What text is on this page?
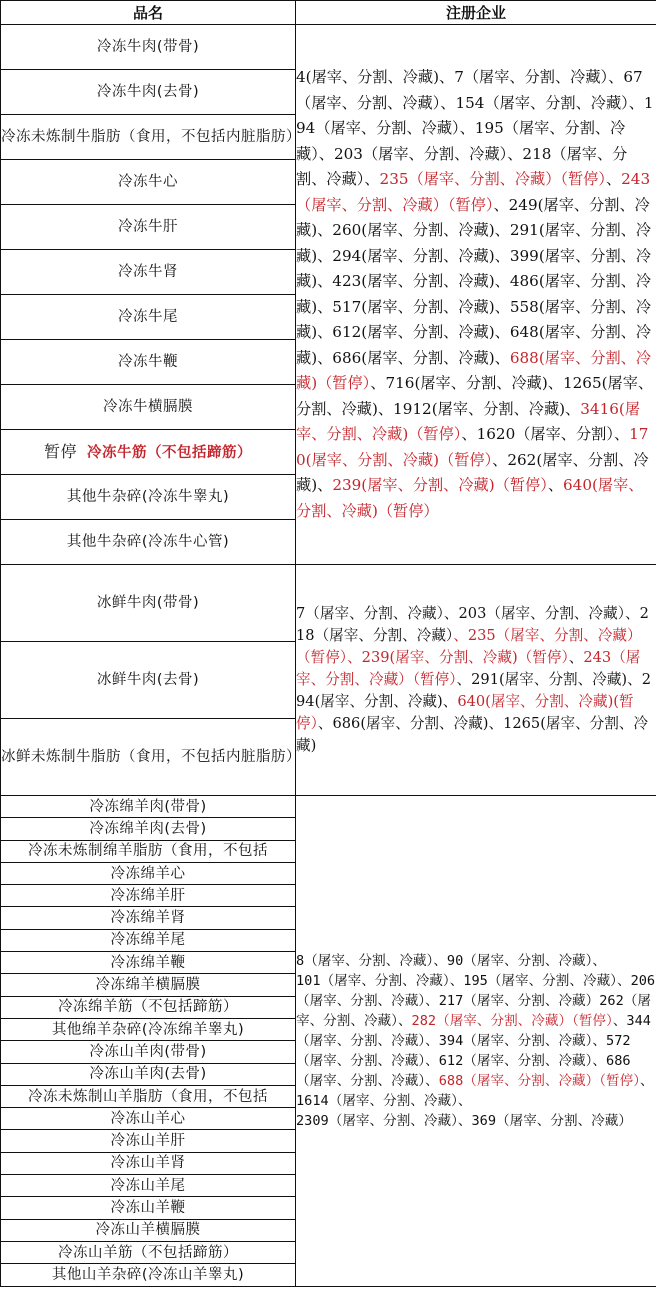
品名	注册企业
冷冻牛肉(带骨)	4(屠宰、分割、冷藏)、7（屠宰、分割、冷藏）、67（屠宰、分割、冷藏）、154（屠宰、分割、冷藏）、194（屠宰、分割、冷藏）、195（屠宰、分割、冷藏）、203（屠宰、分割、冷藏）、218（屠宰、分割、冷藏）、235（屠宰、分割、冷藏）（暂停）、243（屠宰、分割、冷藏）（暂停）、249(屠宰、分割、冷藏)、260(屠宰、分割、冷藏)、291(屠宰、分割、冷藏)、294(屠宰、分割、冷藏)、399(屠宰、分割、冷藏)、423(屠宰、分割、冷藏)、486(屠宰、分割、冷藏)、517(屠宰、分割、冷藏)、558(屠宰、分割、冷藏)、612(屠宰、分割、冷藏)、648(屠宰、分割、冷藏)、686(屠宰、分割、冷藏)、688(屠宰、分割、冷藏)（暂停）、716(屠宰、分割、冷藏)、1265(屠宰、分割、冷藏)、1912(屠宰、分割、冷藏)、3416(屠宰、分割、冷藏)（暂停）、1620（屠宰、分割）、170(屠宰、分割、冷藏)（暂停）、262(屠宰、分割、冷藏)、239(屠宰、分割、冷藏)（暂停）、640(屠宰、分割、冷藏)（暂停）
冷冻牛肉(去骨)	
冷冻未炼制牛脂肪（食用，不包括内脏脂肪）	
冷冻牛心	
冷冻牛肝	
冷冻牛肾	
冷冻牛尾	
冷冻牛鞭	
冷冻牛横膈膜	
暂停 冷冻牛筋（不包括蹄筋）	
其他牛杂碎(冷冻牛睾丸)	
其他牛杂碎(冷冻牛心管)	
冰鲜牛肉(带骨)	7（屠宰、分割、冷藏）、203（屠宰、分割、冷藏）、218（屠宰、分割、冷藏）、235（屠宰、分割、冷藏）（暂停）、239(屠宰、分割、冷藏)（暂停）、243（屠宰、分割、冷藏）（暂停）、291(屠宰、分割、冷藏)、294(屠宰、分割、冷藏)、640(屠宰、分割、冷藏)(暂停）、686(屠宰、分割、冷藏)、1265(屠宰、分割、冷藏)
冰鲜牛肉(去骨)	
冰鲜未炼制牛脂肪（食用，不包括内脏脂肪）	
冷冻绵羊肉(带骨)	8（屠宰、分割、冷藏）、90（屠宰、分割、冷藏）、
101（屠宰、分割、冷藏）、195（屠宰、分割、冷藏）、206（屠宰、分割、冷藏）、217（屠宰、分割、冷藏）262（屠宰、分割、冷藏）、282（屠宰、分割、冷藏）（暂停）、344（屠宰、分割、冷藏）、394（屠宰、分割、冷藏）、572（屠宰、分割、冷藏）、612（屠宰、分割、冷藏）、686（屠宰、分割、冷藏）、688（屠宰、分割、冷藏）（暂停）、
1614（屠宰、分割、冷藏）、
2309（屠宰、分割、冷藏）、369（屠宰、分割、冷藏）
冷冻绵羊肉(去骨)	
冷冻未炼制绵羊脂肪（食用，不包括	
冷冻绵羊心	
冷冻绵羊肝	
冷冻绵羊肾	
冷冻绵羊尾	
冷冻绵羊鞭	
冷冻绵羊横膈膜	
冷冻绵羊筋（不包括蹄筋）	
其他绵羊杂碎(冷冻绵羊睾丸)	
冷冻山羊肉(带骨)	
冷冻山羊肉(去骨)	
冷冻未炼制山羊脂肪（食用，不包括	
冷冻山羊心	
冷冻山羊肝	
冷冻山羊肾	
冷冻山羊尾	
冷冻山羊鞭	
冷冻山羊横膈膜	
冷冻山羊筋（不包括蹄筋）	
其他山羊杂碎(冷冻山羊睾丸)	
